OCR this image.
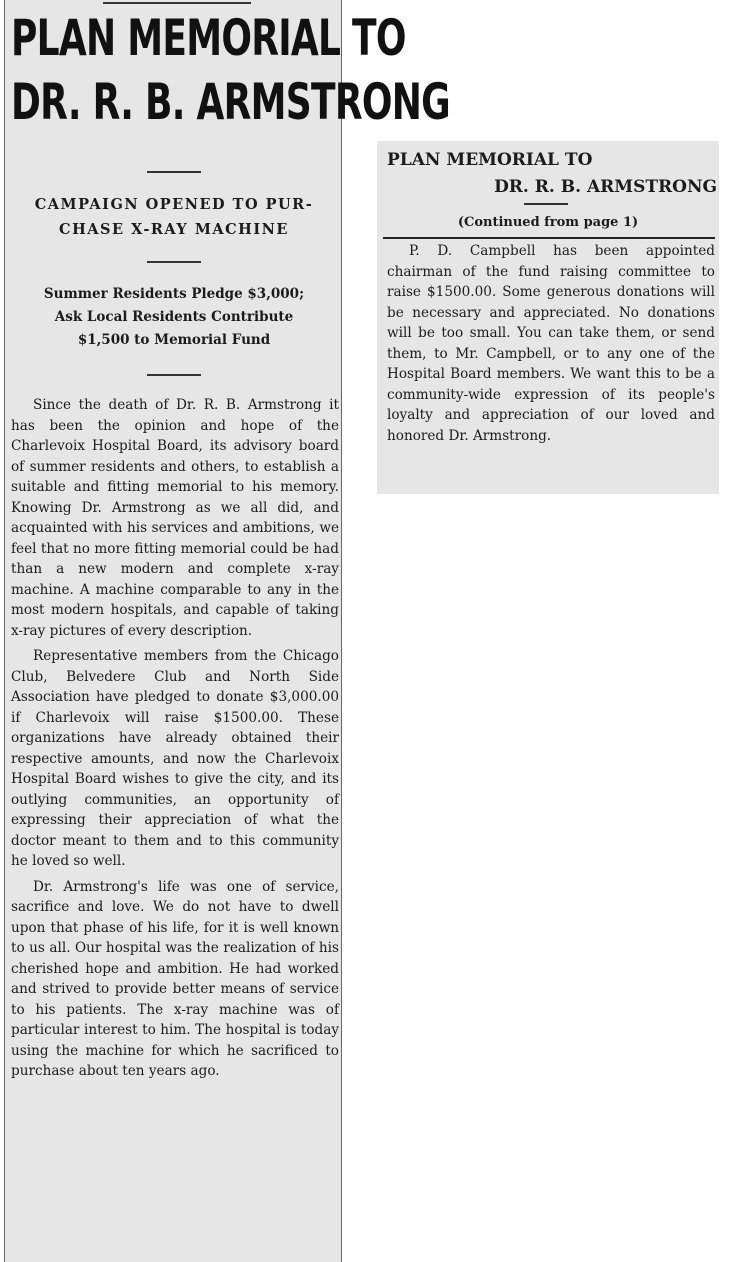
PLAN MEMORIAL TO
DR. R. B. ARMSTRONG
CAMPAIGN OPENED TO PUR-
CHASE X-RAY MACHINE
Summer Residents Pledge $3,000;
Ask Local Residents Contribute
$1,500 to Memorial Fund

Since the death of Dr. R. B. Armstrong it has been the opinion and hope of the Charlevoix Hospital Board, its advisory board of summer residents and others, to establish a suitable and fitting memorial to his memory. Knowing Dr. Armstrong as we all did, and acquainted with his services and ambitions, we feel that no more fitting memorial could be had than a new modern and complete x-ray machine. A machine comparable to any in the most modern hospitals, and capable of taking x-ray pictures of every description.

Representative members from the Chicago Club, Belvedere Club and North Side Association have pledged to donate $3,000.00 if Charlevoix will raise $1500.00. These organizations have already obtained their respective amounts, and now the Charlevoix Hospital Board wishes to give the city, and its outlying communities, an opportunity of expressing their appreciation of what the doctor meant to them and to this community he loved so well.

Dr. Armstrong's life was one of service, sacrifice and love. We do not have to dwell upon that phase of his life, for it is well known to us all. Our hospital was the realization of his cherished hope and ambition. He had worked and strived to provide better means of service to his patients. The x-ray machine was of particular interest to him. The hospital is today using the machine for which he sacrificed to purchase about ten years ago.

PLAN MEMORIAL TO
DR. R. B. ARMSTRONG
(Continued from page 1)

P. D. Campbell has been appointed chairman of the fund raising committee to raise $1500.00. Some generous donations will be necessary and appreciated. No donations will be too small. You can take them, or send them, to Mr. Campbell, or to any one of the Hospital Board members. We want this to be a community-wide expression of its people's loyalty and appreciation of our loved and honored Dr. Armstrong.
